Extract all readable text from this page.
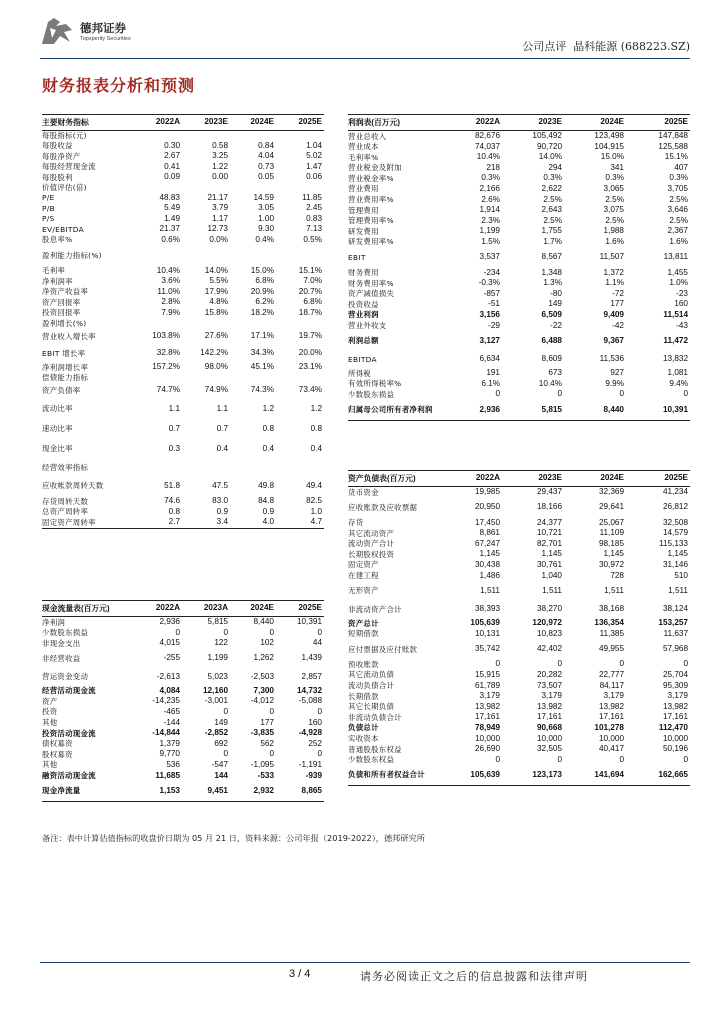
德邦证券
Topsperity Securities
公司点评 晶科能源 (688223.SZ)
财务报表分析和预测
主要财务指标	2022A	2023E	2024E	2025E
每股指标(元)				
每股收益	0.30	0.58	0.84	1.04
每股净资产	2.67	3.25	4.04	5.02
每股经营现金流	0.41	1.22	0.73	1.47
每股股利	0.09	0.00	0.05	0.06
价值评估(倍)				
P/E	48.83	21.17	14.59	11.85
P/B	5.49	3.79	3.05	2.45
P/S	1.49	1.17	1.00	0.83
EV/EBITDA	21.37	12.73	9.30	7.13
股息率%	0.6%	0.0%	0.4%	0.5%
盈利能力指标(%)				
毛利率	10.4%	14.0%	15.0%	15.1%
净利润率	3.6%	5.5%	6.8%	7.0%
净资产收益率	11.0%	17.9%	20.9%	20.7%
资产回报率	2.8%	4.8%	6.2%	6.8%
投资回报率	7.9%	15.8%	18.2%	18.7%
盈利增长(%)				
营业收入增长率	103.8%	27.6%	17.1%	19.7%
EBIT 增长率	32.8%	142.2%	34.3%	20.0%
净利润增长率	157.2%	98.0%	45.1%	23.1%
偿债能力指标				
资产负债率	74.7%	74.9%	74.3%	73.4%
流动比率	1.1	1.1	1.2	1.2
速动比率	0.7	0.7	0.8	0.8
现金比率	0.3	0.4	0.4	0.4
经营效率指标				
应收帐款周转天数	51.8	47.5	49.8	49.4
存货周转天数	74.6	83.0	84.8	82.5
总资产周转率	0.8	0.9	0.9	1.0
固定资产周转率	2.7	3.4	4.0	4.7
利润表(百万元)	2022A	2023E	2024E	2025E
营业总收入	82,676	105,492	123,498	147,848
营业成本	74,037	90,720	104,915	125,588
毛利率%	10.4%	14.0%	15.0%	15.1%
营业税金及附加	218	294	341	407
营业税金率%	0.3%	0.3%	0.3%	0.3%
营业费用	2,166	2,622	3,065	3,705
营业费用率%	2.6%	2.5%	2.5%	2.5%
管理费用	1,914	2,643	3,075	3,646
管理费用率%	2.3%	2.5%	2.5%	2.5%
研发费用	1,199	1,755	1,988	2,367
研发费用率%	1.5%	1.7%	1.6%	1.6%
EBIT	3,537	8,567	11,507	13,811
财务费用	-234	1,348	1,372	1,455
财务费用率%	-0.3%	1.3%	1.1%	1.0%
资产减值损失	-857	-80	-72	-23
投资收益	-51	149	177	160
营业利润	3,156	6,509	9,409	11,514
营业外收支	-29	-22	-42	-43
利润总额	3,127	6,488	9,367	11,472
EBITDA	6,634	8,609	11,536	13,832
所得税	191	673	927	1,081
有效所得税率%	6.1%	10.4%	9.9%	9.4%
少数股东损益	0	0	0	0
归属母公司所有者净利润	2,936	5,815	8,440	10,391
资产负债表(百万元)	2022A	2023E	2024E	2025E
货币资金	19,985	29,437	32,369	41,234
应收账款及应收票据	20,950	18,166	29,641	26,812
存货	17,450	24,377	25,067	32,508
其它流动资产	8,861	10,721	11,109	14,579
流动资产合计	67,247	82,701	98,185	115,133
长期股权投资	1,145	1,145	1,145	1,145
固定资产	30,438	30,761	30,972	31,146
在建工程	1,486	1,040	728	510
无形资产	1,511	1,511	1,511	1,511
非流动资产合计	38,393	38,270	38,168	38,124
资产总计	105,639	120,972	136,354	153,257
短期借款	10,131	10,823	11,385	11,637
应付票据及应付账款	35,742	42,402	49,955	57,968
预收账款	0	0	0	0
其它流动负债	15,915	20,282	22,777	25,704
流动负债合计	61,789	73,507	84,117	95,309
长期借款	3,179	3,179	3,179	3,179
其它长期负债	13,982	13,982	13,982	13,982
非流动负债合计	17,161	17,161	17,161	17,161
负债总计	78,949	90,668	101,278	112,470
实收资本	10,000	10,000	10,000	10,000
普通股股东权益	26,690	32,505	40,417	50,196
少数股东权益	0	0	0	0
负债和所有者权益合计	105,639	123,173	141,694	162,665
现金流量表(百万元)	2022A	2023A	2024E	2025E
净利润	2,936	5,815	8,440	10,391
少数股东损益	0	0	0	0
非现金支出	4,015	122	102	44
非经营收益	-255	1,199	1,262	1,439
营运资金变动	-2,613	5,023	-2,503	2,857
经营活动现金流	4,084	12,160	7,300	14,732
资产	-14,235	-3,001	-4,012	-5,088
投资	-465	0	0	0
其他	-144	149	177	160
投资活动现金流	-14,844	-2,852	-3,835	-4,928
债权募资	1,379	692	562	252
股权募资	9,770	0	0	0
其他	536	-547	-1,095	-1,191
融资活动现金流	11,685	144	-533	-939
现金净流量	1,153	9,451	2,932	8,865
备注：表中计算估值指标的收盘价日期为 05 月 21 日，资料来源：公司年报（2019-2022），德邦研究所
3 / 4	请务必阅读正文之后的信息披露和法律声明
